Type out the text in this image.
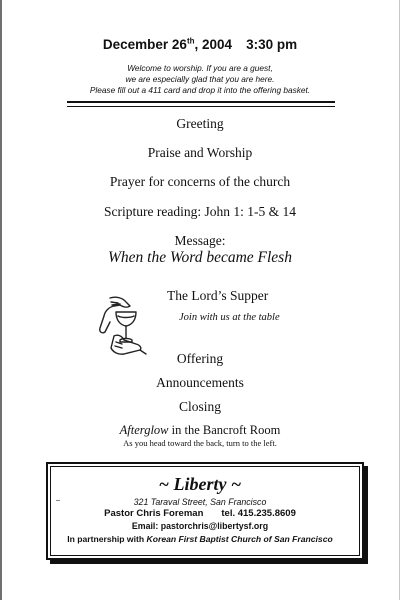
December 26th, 2004 3:30 pm
Welcome to worship. If you are a guest,
we are especially glad that you are here.
Please fill out a 411 card and drop it into the offering basket.
Greeting
Praise and Worship
Prayer for concerns of the church
Scripture reading: John 1: 1-5 & 14
Message:
When the Word became Flesh
The Lord’s Supper
Join with us at the table
Offering
Announcements
Closing
Afterglow in the Bancroft Room
As you head toward the back, turn to the left.
~ Liberty ~
321 Taraval Street, San Francisco
Pastor Chris Foreman tel. 415.235.8609
Email: pastorchris@libertysf.org
In partnership with Korean First Baptist Church of San Francisco
